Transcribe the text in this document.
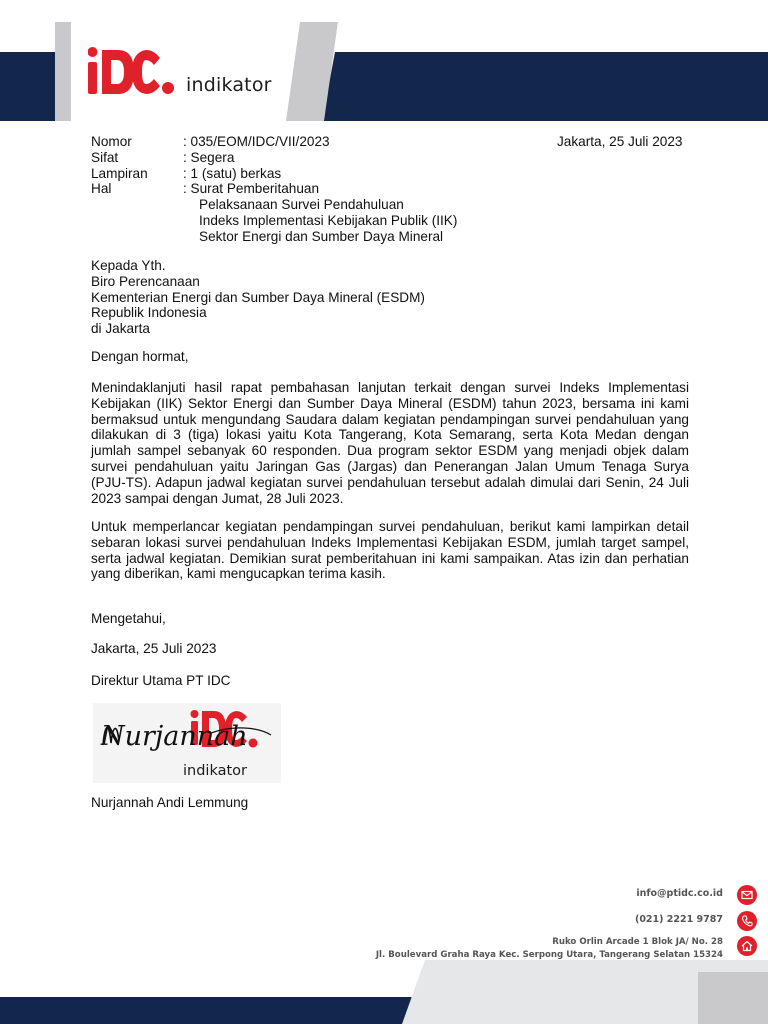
indikator
Nomor	: 035/EOM/IDC/VII/2023
Sifat	: Segera
Lampiran	: 1 (satu) berkas
Hal	: Surat Pemberitahuan
Pelaksanaan Survei Pendahuluan
Indeks Implementasi Kebijakan Publik (IIK)
Sektor Energi dan Sumber Daya Mineral
Jakarta, 25 Juli 2023
Kepada Yth.
Biro Perencanaan
Kementerian Energi dan Sumber Daya Mineral (ESDM)
Republik Indonesia
di Jakarta
Dengan hormat,
Menindaklanjuti hasil rapat pembahasan lanjutan terkait dengan survei Indeks Implementasi Kebijakan (IIK) Sektor Energi dan Sumber Daya Mineral (ESDM) tahun 2023, bersama ini kami bermaksud untuk mengundang Saudara dalam kegiatan pendampingan survei pendahuluan yang dilakukan di 3 (tiga) lokasi yaitu Kota Tangerang, Kota Semarang, serta Kota Medan dengan jumlah sampel sebanyak 60 responden. Dua program sektor ESDM yang menjadi objek dalam survei pendahuluan yaitu Jaringan Gas (Jargas) dan Penerangan Jalan Umum Tenaga Surya (PJU-TS). Adapun jadwal kegiatan survei pendahuluan tersebut adalah dimulai dari Senin, 24 Juli 2023 sampai dengan Jumat, 28 Juli 2023.
Untuk memperlancar kegiatan pendampingan survei pendahuluan, berikut kami lampirkan detail sebaran lokasi survei pendahuluan Indeks Implementasi Kebijakan ESDM, jumlah target sampel, serta jadwal kegiatan. Demikian surat pemberitahuan ini kami sampaikan. Atas izin dan perhatian yang diberikan, kami mengucapkan terima kasih.
Mengetahui,
Jakarta, 25 Juli 2023
Direktur Utama PT IDC
indikator
Nurjannah
Nurjannah Andi Lemmung
info@ptidc.co.id
(021) 2221 9787
Ruko Orlin Arcade 1 Blok JA/ No. 28
Jl. Boulevard Graha Raya Kec. Serpong Utara, Tangerang Selatan 15324
